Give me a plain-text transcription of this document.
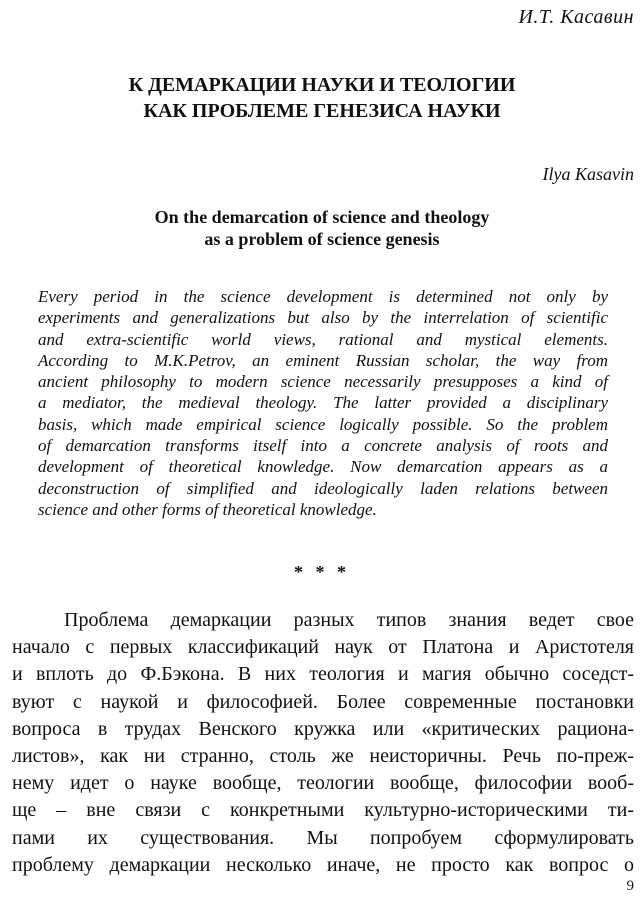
И.Т. Касавин
К ДЕМАРКАЦИИ НАУКИ И ТЕОЛОГИИ
КАК ПРОБЛЕМЕ ГЕНЕЗИСА НАУКИ
Ilya Kasavin
On the demarcation of science and theology
as a problem of science genesis
Every period in the science development is determined not only by
experiments and generalizations but also by the interrelation of scientific
and extra-scientific world views, rational and mystical elements.
According to M.K.Petrov, an eminent Russian scholar, the way from
ancient philosophy to modern science necessarily presupposes a kind of
a mediator, the medieval theology. The latter provided a disciplinary
basis, which made empirical science logically possible. So the problem
of demarcation transforms itself into a concrete analysis of roots and
development of theoretical knowledge. Now demarcation appears as a
deconstruction of simplified and ideologically laden relations between
science and other forms of theoretical knowledge.
* * *
Проблема демаркации разных типов знания ведет свое
начало с первых классификаций наук от Платона и Аристотеля
и вплоть до Ф.Бэкона. В них теология и магия обычно соседст-
вуют с наукой и философией. Более современные постановки
вопроса в трудах Венского кружка или «критических рациона-
листов», как ни странно, столь же неисторичны. Речь по-преж-
нему идет о науке вообще, теологии вообще, философии вооб-
ще – вне связи с конкретными культурно-историческими ти-
пами их существования. Мы попробуем сформулировать
проблему демаркации несколько иначе, не просто как вопрос о
9
